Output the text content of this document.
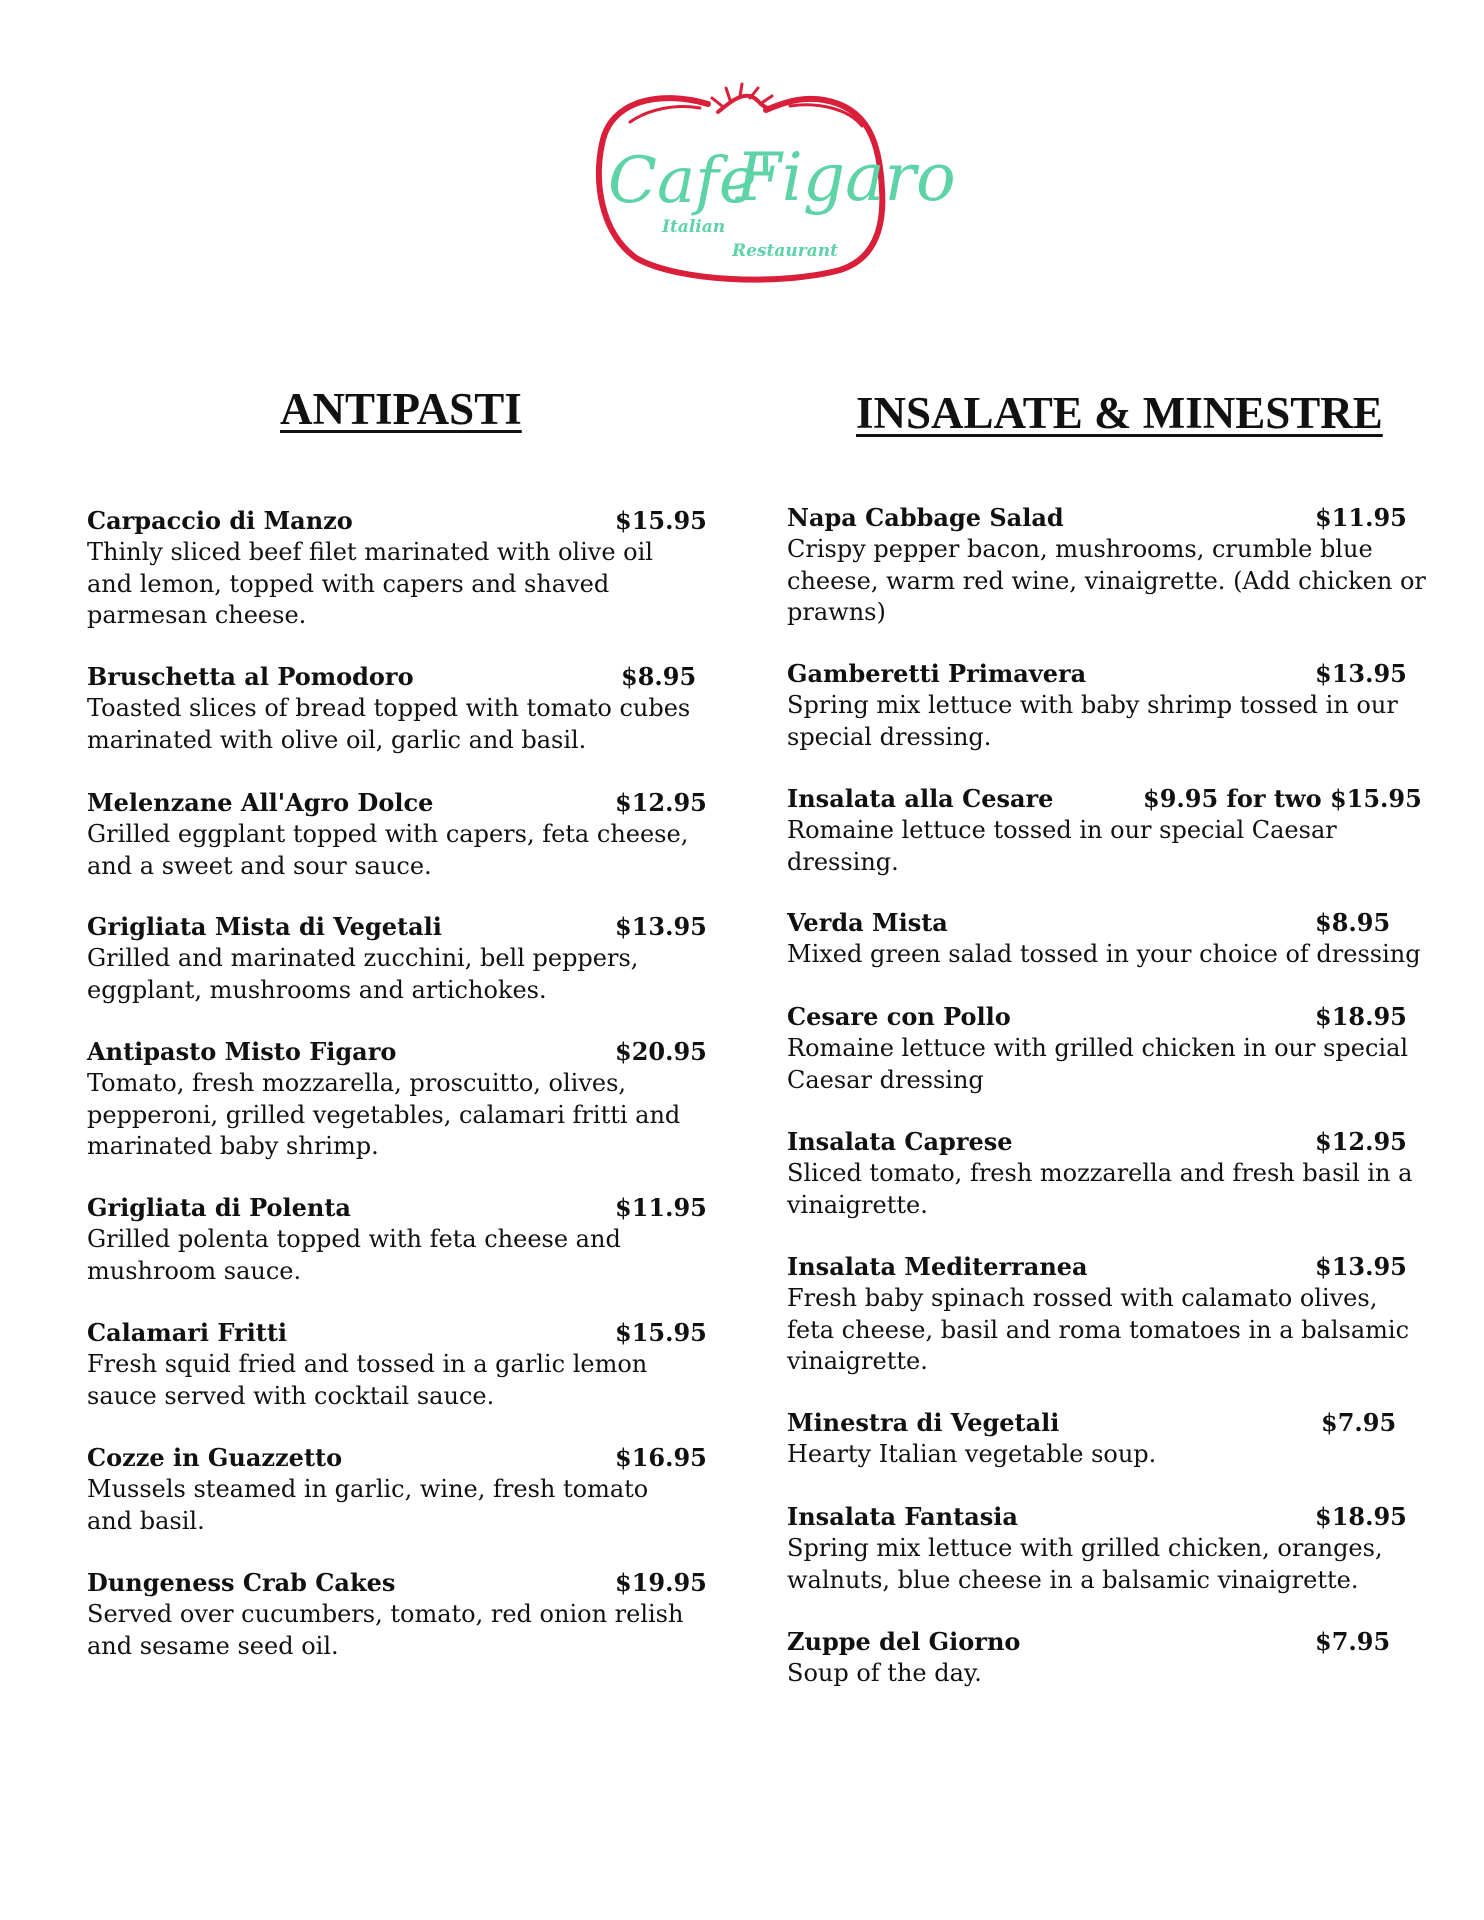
Cafe'
Figaro
Italian
Restaurant
ANTIPASTI
Carpaccio di Manzo	$15.95

Thinly sliced beef filet marinated with olive oil and lemon, topped with capers and shaved parmesan cheese.

Bruschetta al Pomodoro	$8.95

Toasted slices of bread topped with tomato cubes marinated with olive oil, garlic and basil.

Melenzane All'Agro Dolce	$12.95

Grilled eggplant topped with capers, feta cheese, and a sweet and sour sauce.

Grigliata Mista di Vegetali	$13.95

Grilled and marinated zucchini, bell peppers, eggplant, mushrooms and artichokes.

Antipasto Misto Figaro	$20.95

Tomato, fresh mozzarella, proscuitto, olives, pepperoni, grilled vegetables, calamari fritti and marinated baby shrimp.

Grigliata di Polenta	$11.95

Grilled polenta topped with feta cheese and mushroom sauce.

Calamari Fritti	$15.95

Fresh squid fried and tossed in a garlic lemon sauce served with cocktail sauce.

Cozze in Guazzetto	$16.95

Mussels steamed in garlic, wine, fresh tomato and basil.

Dungeness Crab Cakes	$19.95

Served over cucumbers, tomato, red onion relish and sesame seed oil.

INSALATE & MINESTRE
Napa Cabbage Salad	$11.95

Crispy pepper bacon, mushrooms, crumble blue cheese, warm red wine, vinaigrette. (Add chicken or prawns)

Gamberetti Primavera	$13.95

Spring mix lettuce with baby shrimp tossed in our special dressing.

Insalata alla Cesare	$9.95 for two $15.95

Romaine lettuce tossed in our special Caesar dressing.

Verda Mista	$8.95

Mixed green salad tossed in your choice of dressing

Cesare con Pollo	$18.95

Romaine lettuce with grilled chicken in our special Caesar dressing

Insalata Caprese	$12.95

Sliced tomato, fresh mozzarella and fresh basil in a vinaigrette.

Insalata Mediterranea	$13.95

Fresh baby spinach rossed with calamato olives, feta cheese, basil and roma tomatoes in a balsamic vinaigrette.

Minestra di Vegetali	$7.95

Hearty Italian vegetable soup.

Insalata Fantasia	$18.95

Spring mix lettuce with grilled chicken, oranges, walnuts, blue cheese in a balsamic vinaigrette.

Zuppe del Giorno	$7.95

Soup of the day.
